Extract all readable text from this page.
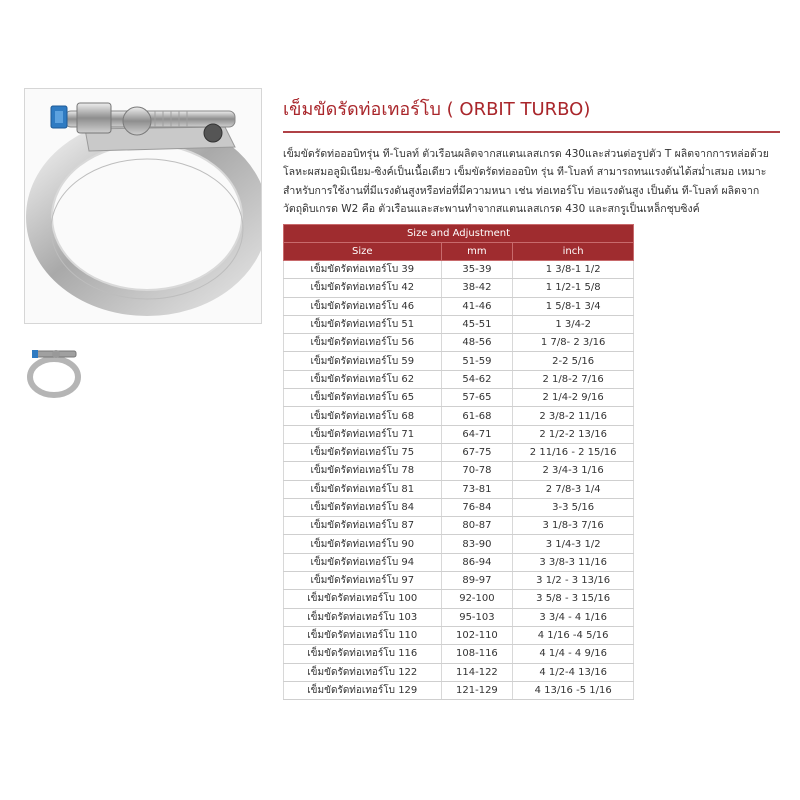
เข็มขัดรัดท่อเทอร์โบ ( ORBIT TURBO)

เข็มขัดรัดท่อออบิทรุ่น ที-โบลท์ ตัวเรือนผลิตจากสแตนเลสเกรด 430และส่วนต่อรูปตัว T ผลิตจากการหล่อด้วยโลหะผสมอลูมิเนียม-ซิงค์เป็นเนื้อเดียว เข็มขัดรัดท่อออบิท รุ่น ที-โบลท์ สามารถทนแรงดันได้สม่ำเสมอ เหมาะสำหรับการใช้งานที่มีแรงดันสูงหรือท่อที่มีความหนา เช่น ท่อเทอร์โบ ท่อแรงดันสูง เป็นต้น ที-โบลท์ ผลิตจากวัตถุดิบเกรด W2 คือ ตัวเรือนและสะพานทำจากสแตนเลสเกรด 430 และสกรูเป็นเหล็กชุบซิงค์

Size and Adjustment		
Size	mm	inch
เข็มขัดรัดท่อเทอร์โบ 39	35-39	1 3/8-1 1/2
เข็มขัดรัดท่อเทอร์โบ 42	38-42	1 1/2-1 5/8
เข็มขัดรัดท่อเทอร์โบ 46	41-46	1 5/8-1 3/4
เข็มขัดรัดท่อเทอร์โบ 51	45-51	1 3/4-2
เข็มขัดรัดท่อเทอร์โบ 56	48-56	1 7/8- 2 3/16
เข็มขัดรัดท่อเทอร์โบ 59	51-59	2-2 5/16
เข็มขัดรัดท่อเทอร์โบ 62	54-62	2 1/8-2 7/16
เข็มขัดรัดท่อเทอร์โบ 65	57-65	2 1/4-2 9/16
เข็มขัดรัดท่อเทอร์โบ 68	61-68	2 3/8-2 11/16
เข็มขัดรัดท่อเทอร์โบ 71	64-71	2 1/2-2 13/16
เข็มขัดรัดท่อเทอร์โบ 75	67-75	2 11/16 - 2 15/16
เข็มขัดรัดท่อเทอร์โบ 78	70-78	2 3/4-3 1/16
เข็มขัดรัดท่อเทอร์โบ 81	73-81	2 7/8-3 1/4
เข็มขัดรัดท่อเทอร์โบ 84	76-84	3-3 5/16
เข็มขัดรัดท่อเทอร์โบ 87	80-87	3 1/8-3 7/16
เข็มขัดรัดท่อเทอร์โบ 90	83-90	3 1/4-3 1/2
เข็มขัดรัดท่อเทอร์โบ 94	86-94	3 3/8-3 11/16
เข็มขัดรัดท่อเทอร์โบ 97	89-97	3 1/2 - 3 13/16
เข็มขัดรัดท่อเทอร์โบ 100	92-100	3 5/8 - 3 15/16
เข็มขัดรัดท่อเทอร์โบ 103	95-103	3 3/4 - 4 1/16
เข็มขัดรัดท่อเทอร์โบ 110	102-110	4 1/16 -4 5/16
เข็มขัดรัดท่อเทอร์โบ 116	108-116	4 1/4 - 4 9/16
เข็มขัดรัดท่อเทอร์โบ 122	114-122	4 1/2-4 13/16
เข็มขัดรัดท่อเทอร์โบ 129	121-129	4 13/16 -5 1/16
